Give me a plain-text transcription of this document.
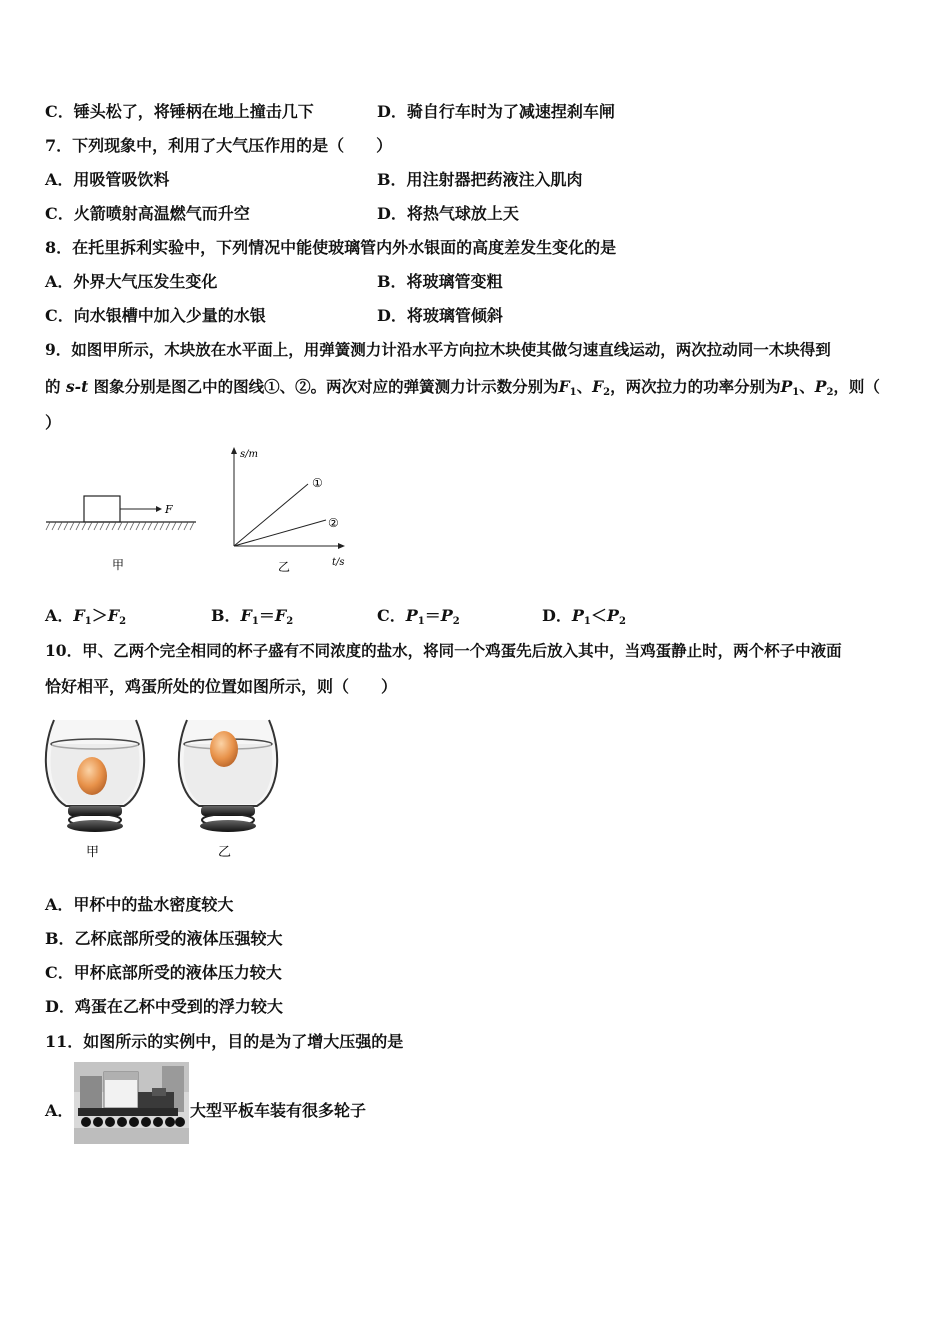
C．锤头松了，将锤柄在地上撞击几下	D．骑自行车时为了减速捏刹车闸
7．下列现象中，利用了大气压作用的是（　　）
A．用吸管吸饮料	B．用注射器把药液注入肌肉
C．火箭喷射高温燃气而升空	D．将热气球放上天
8．在托里拆利实验中，下列情况中能使玻璃管内外水银面的高度差发生变化的是
A．外界大气压发生变化	B．将玻璃管变粗
C．向水银槽中加入少量的水银	D．将玻璃管倾斜
9．如图甲所示，木块放在水平面上，用弹簧测力计沿水平方向拉木块使其做匀速直线运动，两次拉动同一木块得到
的 s-t 图象分别是图乙中的图线①、②。两次对应的弹簧测力计示数分别为$F_1$、$F_2$，两次拉力的功率分别为$P_1$、$P_2$，则（
）
F
甲
s/m
t/s
①
②
乙
A．$F_1>F_2$	B．$F_1=F_2$	C．$P_1=P_2$	D．$P_1<P_2$
10．甲、乙两个完全相同的杯子盛有不同浓度的盐水，将同一个鸡蛋先后放入其中，当鸡蛋静止时，两个杯子中液面
恰好相平，鸡蛋所处的位置如图所示，则（　　）
甲	乙
A．甲杯中的盐水密度较大
B．乙杯底部所受的液体压强较大
C．甲杯底部所受的液体压力较大
D．鸡蛋在乙杯中受到的浮力较大
11．如图所示的实例中，目的是为了增大压强的是
A．	大型平板车装有很多轮子
